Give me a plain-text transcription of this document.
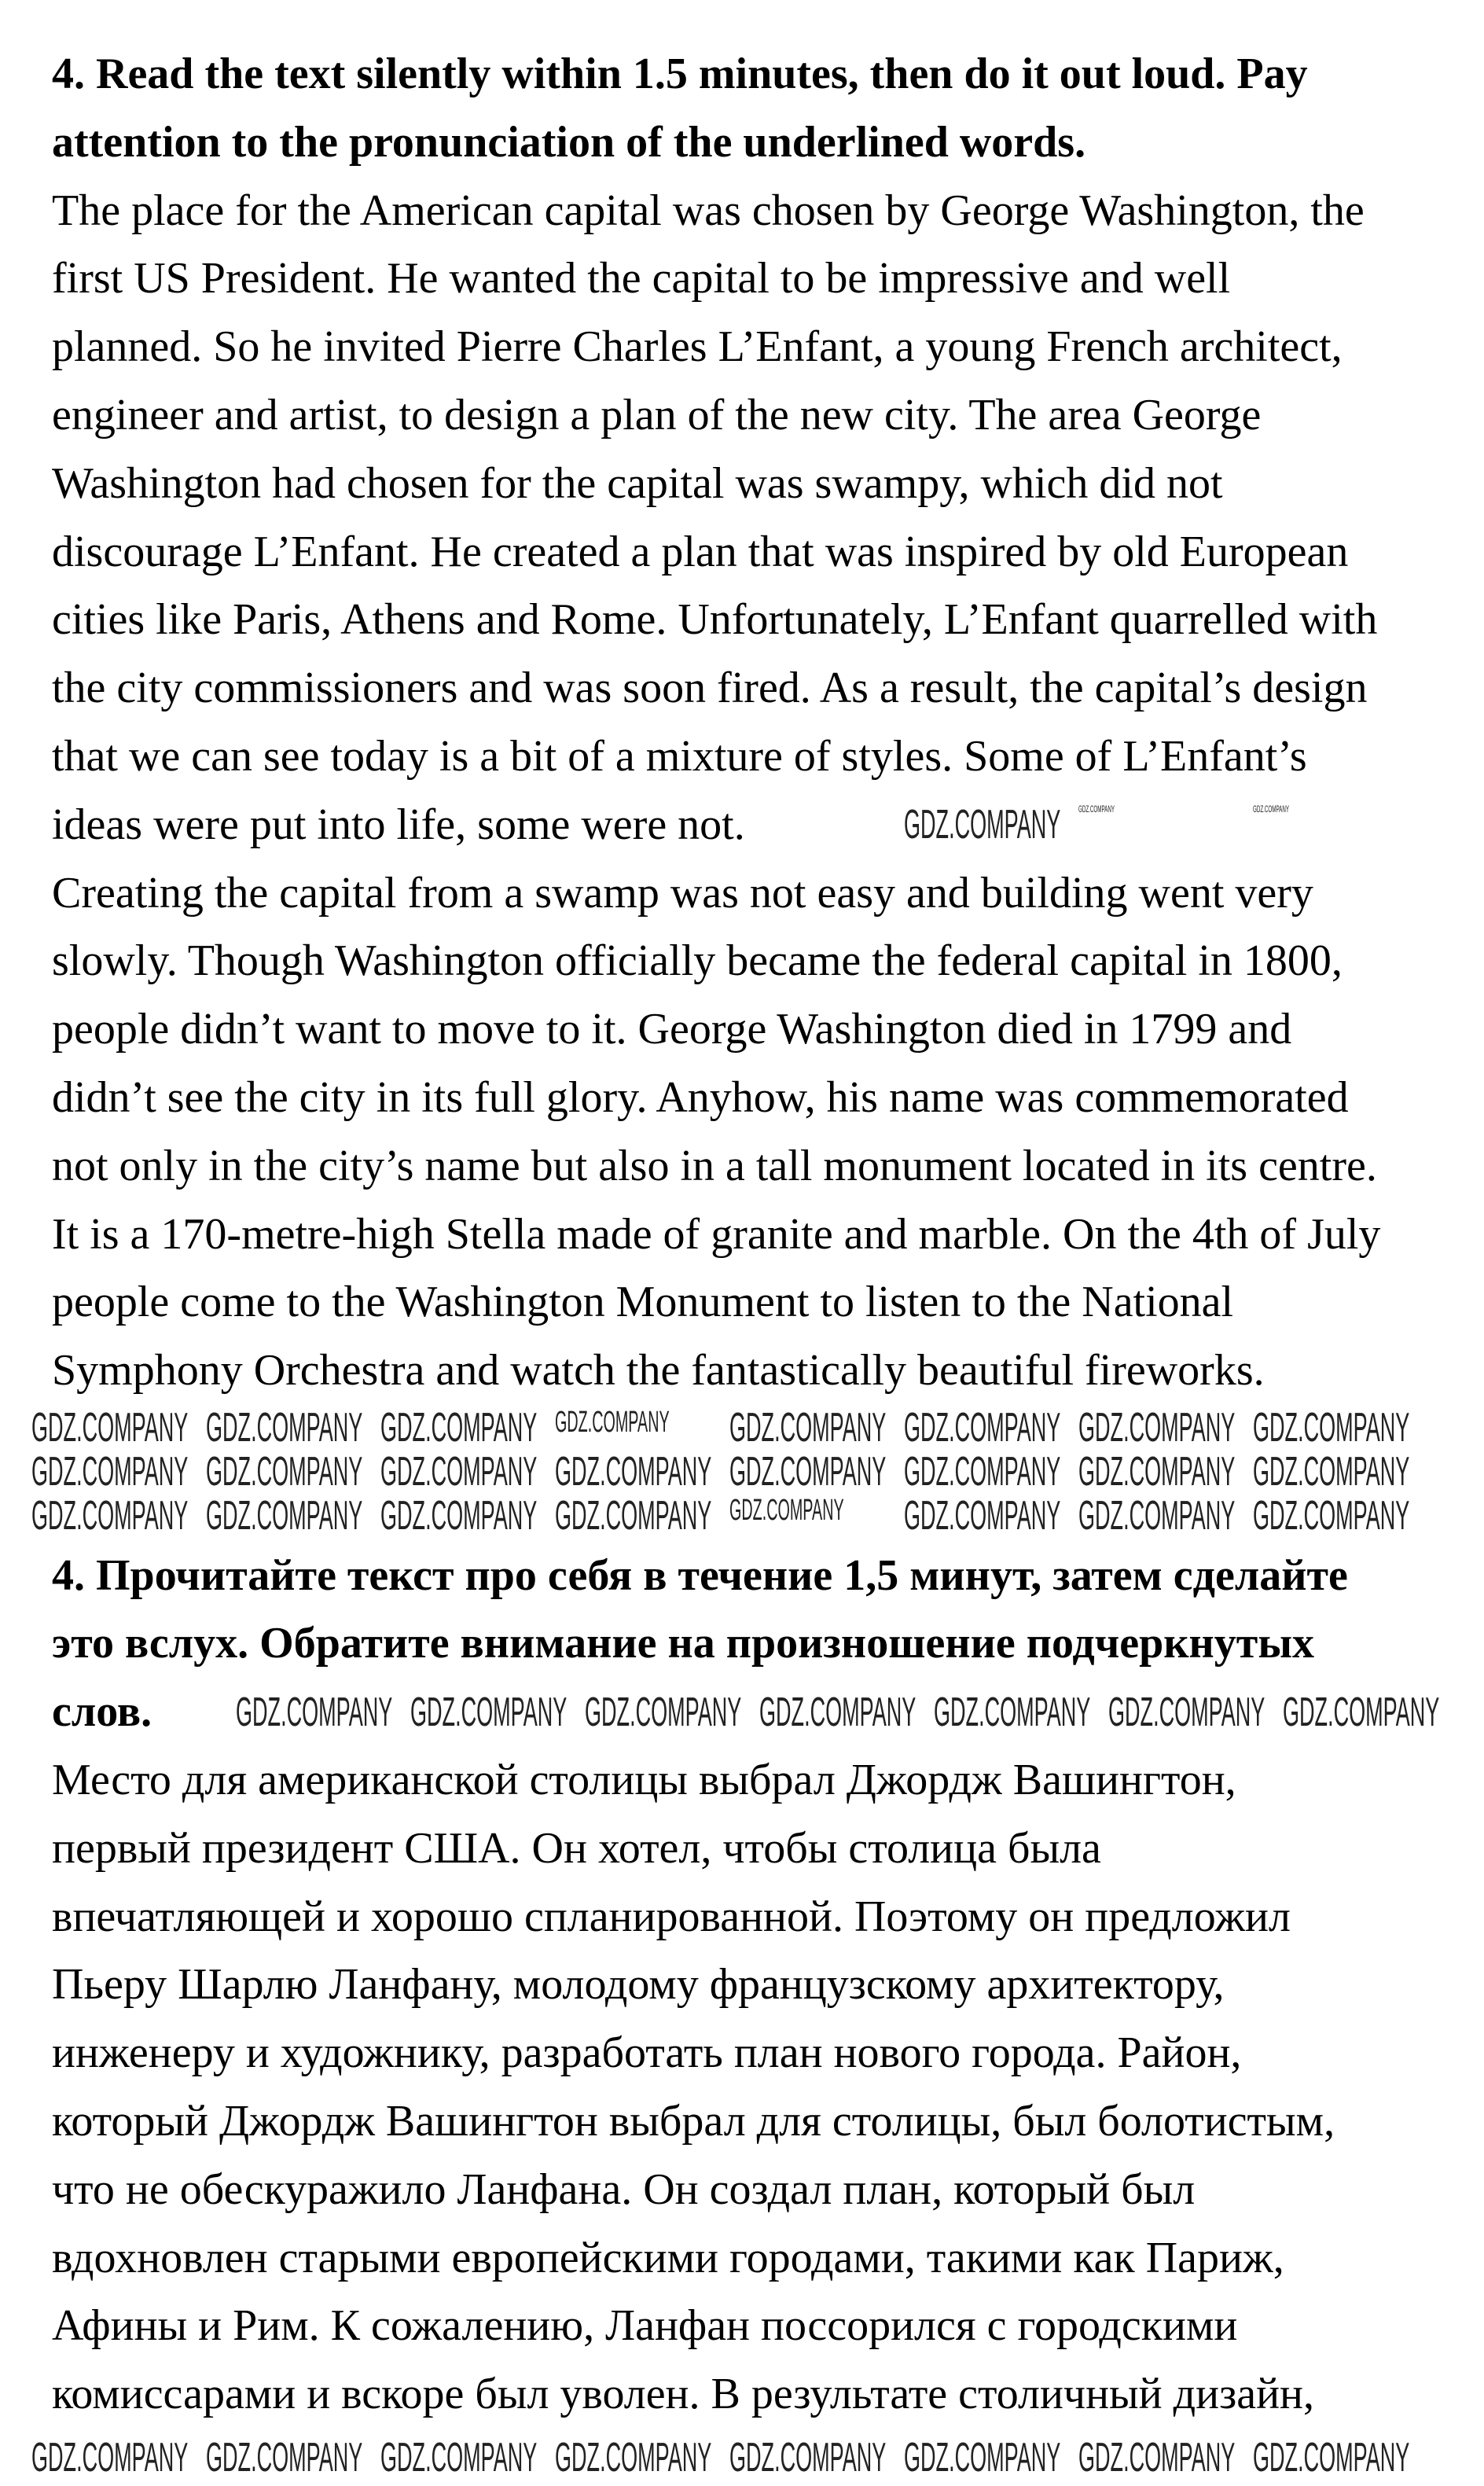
4. Read the text silently within 1.5 minutes, then do it out loud. Pay
attention to the pronunciation of the underlined words.
The place for the American capital was chosen by George Washington, the
first US President. He wanted the capital to be impressive and well
planned. So he invited Pierre Charles L’Enfant, a young French architect,
engineer and artist, to design a plan of the new city. The area George
Washington had chosen for the capital was swampy, which did not
discourage L’Enfant. He created a plan that was inspired by old European
cities like Paris, Athens and Rome. Unfortunately, L’Enfant quarrelled with
the city commissioners and was soon fired. As a result, the capital’s design
that we can see today is a bit of a mixture of styles. Some of L’Enfant’s
ideas were put into life, some were not.
Creating the capital from a swamp was not easy and building went very
slowly. Though Washington officially became the federal capital in 1800,
people didn’t want to move to it. George Washington died in 1799 and
didn’t see the city in its full glory. Anyhow, his name was commemorated
not only in the city’s name but also in a tall monument located in its centre.
It is a 170-metre-high Stella made of granite and marble. On the 4th of July
people come to the Washington Monument to listen to the National
Symphony Orchestra and watch the fantastically beautiful fireworks.
4. Прочитайте текст про себя в течение 1,5 минут, затем сделайте
это вслух. Обратите внимание на произношение подчеркнутых
слов.
Место для американской столицы выбрал Джордж Вашингтон,
первый президент США. Он хотел, чтобы столица была
впечатляющей и хорошо спланированной. Поэтому он предложил
Пьеру Шарлю Ланфану, молодому французскому архитектору,
инженеру и художнику, разработать план нового города. Район,
который Джордж Вашингтон выбрал для столицы, был болотистым,
что не обескуражило Ланфана. Он создал план, который был
вдохновлен старыми европейскими городами, такими как Париж,
Афины и Рим. К сожалению, Ланфан поссорился с городскими
комиссарами и вскоре был уволен. В результате столичный дизайн,
GDZ.COMPANY GDZ.COMPANY GDZ.COMPANY GDZ.COMPANY GDZ.COMPANY GDZ.COMPANY GDZ.COMPANY GDZ.COMPANY
GDZ.COMPANY GDZ.COMPANY GDZ.COMPANY GDZ.COMPANY GDZ.COMPANY GDZ.COMPANY GDZ.COMPANY GDZ.COMPANY
GDZ.COMPANY GDZ.COMPANY GDZ.COMPANY GDZ.COMPANY GDZ.COMPANY GDZ.COMPANY GDZ.COMPANY GDZ.COMPANY
GDZ.COMPANY GDZ.COMPANY GDZ.COMPANY GDZ.COMPANY GDZ.COMPANY GDZ.COMPANY GDZ.COMPANY GDZ.COMPANY
GDZ.COMPANY GDZ.COMPANY GDZ.COMPANY GDZ.COMPANY GDZ.COMPANY GDZ.COMPANY GDZ.COMPANY
GDZ.COMPANY GDZ.COMPANY	GDZ.COMPANY
